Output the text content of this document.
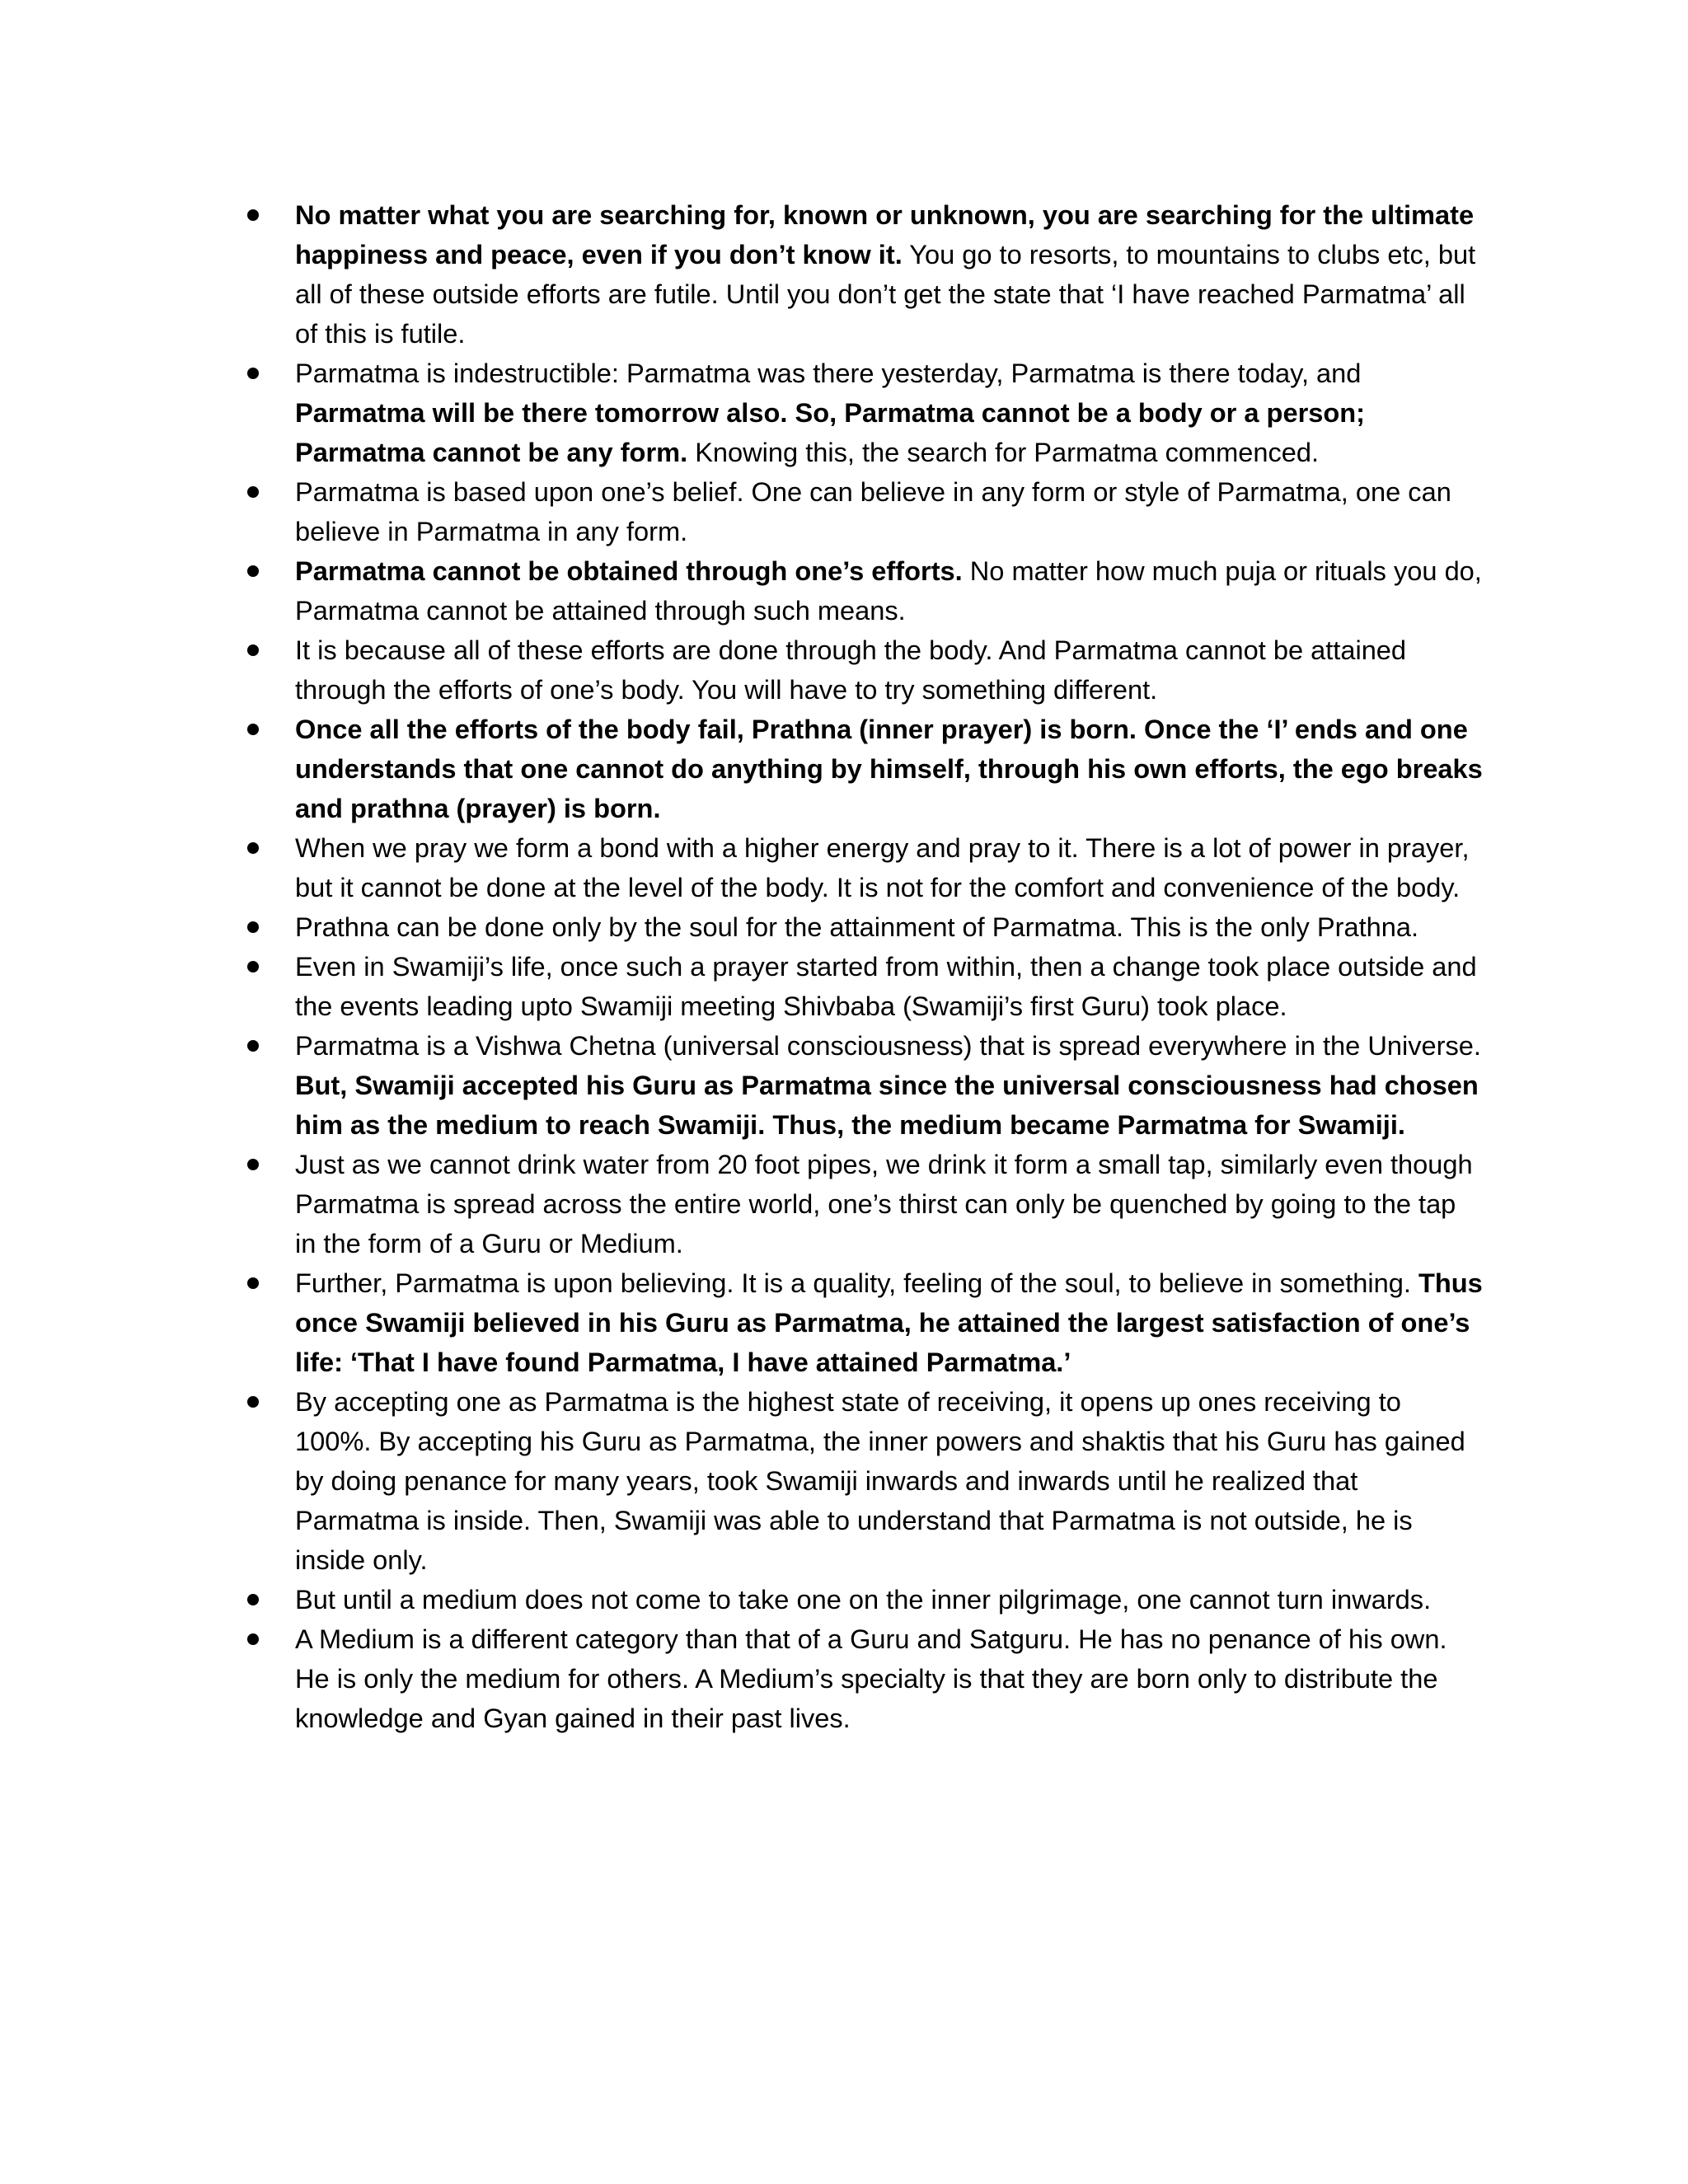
No matter what you are searching for, known or unknown, you are searching for the ultimate happiness and peace, even if you don’t know it. You go to resorts, to mountains to clubs etc, but all of these outside efforts are futile. Until you don’t get the state that ‘I have reached Parmatma’ all of this is futile.
Parmatma is indestructible: Parmatma was there yesterday, Parmatma is there today, and Parmatma will be there tomorrow also. So, Parmatma cannot be a body or a person; Parmatma cannot be any form. Knowing this, the search for Parmatma commenced.
Parmatma is based upon one’s belief. One can believe in any form or style of Parmatma, one can believe in Parmatma in any form.
Parmatma cannot be obtained through one’s efforts. No matter how much puja or rituals you do, Parmatma cannot be attained through such means.
It is because all of these efforts are done through the body. And Parmatma cannot be attained through the efforts of one’s body. You will have to try something different.
Once all the efforts of the body fail, Prathna (inner prayer) is born. Once the ‘I’ ends and one understands that one cannot do anything by himself, through his own efforts, the ego breaks and prathna (prayer) is born.
When we pray we form a bond with a higher energy and pray to it. There is a lot of power in prayer, but it cannot be done at the level of the body. It is not for the comfort and convenience of the body.
Prathna can be done only by the soul for the attainment of Parmatma. This is the only Prathna.
Even in Swamiji’s life, once such a prayer started from within, then a change took place outside and the events leading upto Swamiji meeting Shivbaba (Swamiji’s first Guru) took place.
Parmatma is a Vishwa Chetna (universal consciousness) that is spread everywhere in the Universe. But, Swamiji accepted his Guru as Parmatma since the universal consciousness had chosen him as the medium to reach Swamiji. Thus, the medium became Parmatma for Swamiji.
Just as we cannot drink water from 20 foot pipes, we drink it form a small tap, similarly even though Parmatma is spread across the entire world, one’s thirst can only be quenched by going to the tap in the form of a Guru or Medium.
Further, Parmatma is upon believing. It is a quality, feeling of the soul, to believe in something. Thus once Swamiji believed in his Guru as Parmatma, he attained the largest satisfaction of one’s life: ‘That I have found Parmatma, I have attained Parmatma.’
By accepting one as Parmatma is the highest state of receiving, it opens up ones receiving to 100%. By accepting his Guru as Parmatma, the inner powers and shaktis that his Guru has gained by doing penance for many years, took Swamiji inwards and inwards until he realized that Parmatma is inside. Then, Swamiji was able to understand that Parmatma is not outside, he is inside only.
But until a medium does not come to take one on the inner pilgrimage, one cannot turn inwards.
A Medium is a different category than that of a Guru and Satguru. He has no penance of his own. He is only the medium for others. A Medium’s specialty is that they are born only to distribute the knowledge and Gyan gained in their past lives.
